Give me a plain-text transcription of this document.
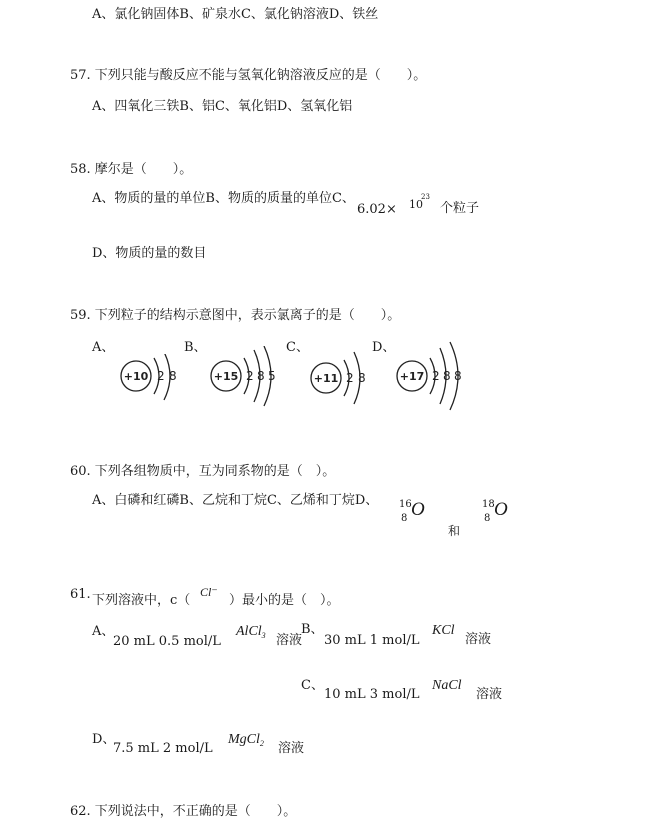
A、氯化钠固体B、矿泉水C、氯化钠溶液D、铁丝
57. 下列只能与酸反应不能与氢氧化钠溶液反应的是（　　）。
A、四氧化三铁B、铝C、氧化铝D、氢氧化铝
58. 摩尔是（　　）。
A、物质的量的单位B、物质的质量的单位C、
6.02× 10
23
个粒子
D、物质的量的数目
59. 下列粒子的结构示意图中，表示氯离子的是（　　）。
A、	B、	C、	D、
+10 2 8	+15 2 8 5	+11 2 8	+17 2 8 8
60. 下列各组物质中，互为同系物的是（　）。
A、白磷和红磷B、乙烷和丁烷C、乙烯和丁烷D、 16
8 O
和
18
8 O
61. 下列溶液中，c（
Cl⁻
）最小的是（　）。
A、
20 mL 0.5 mol/L
AlCl$_3$ 溶液
B、
30 mL 1 mol/L
KCl
溶液
C、
10 mL 3 mol/L
NaCl
溶液
D、
7.5 mL 2 mol/L
MgCl$_2$ 溶液
62. 下列说法中，不正确的是（　　）。
